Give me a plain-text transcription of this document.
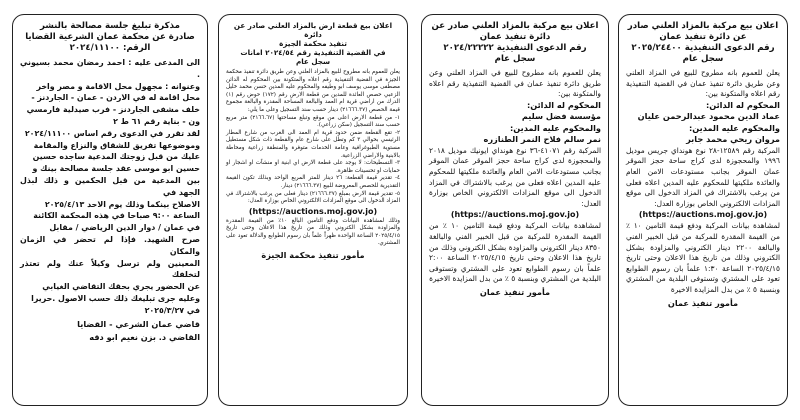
اعلان بيع مركبة بالمزاد العلني صادر
عن دائرة تنفيذ عمان
رقم الدعوى التنفيذية ٢٠٢٥/٢٤٤٠٠
سجل عام

يعلن للعموم بانه مطروح للبيع في المزاد العلني وعن طريق دائرة تنفيذ عمان في القضية التنفيذية رقم اعلاه والمتكونة بين:

المحكوم له الدائن:

عماد الدين محمود عبدالرحمن عليان

والمحكوم عليه المدين:

مروان ريحي محمد جابر

المركبة رقم ١٢٥٨٩-٢٨ نوع هونداي جريس موديل ١٩٩٦ والمحجوزة لدى كراج ساحة حجز الموقر عمان الموقر بجانب مستودعات الامن العام والعائدة ملكيتها للمحكوم عليه المدين اعلاه فعلى من يرغب بالاشتراك في المزاد الدخول الى موقع المزادات الالكتروني الخاص بوزارة العدل:

(https://auctions.moj.gov.jo)

لمشاهدة بيانات المركبة ودفع قيمة التامين ١٠ ٪ من القيمة المقدرة للمركبة من قبل الخبير الفني والبالغة ٢٢٠٠ دينار الكتروني والمزاودة بشكل الكتروني وذلك من تاريخ هذا الاعلان وحتى تاريخ ٢٠٢٥/٤/١٥ الساعة ١:٣٠ علماً بان رسوم الطوابع تعود على المشتري وتستوفى البلدية من المشتري وبنسبة ٥ ٪ من بدل المزايدة الاخيرة

مأمور تنفيذ عمان
اعلان بيع مركبة بالمزاد العلني صادر عن
دائرة تنفيذ عمان
رقم الدعوى التنفيذية ٢٠٢٤/٢٢٢٢٢
سجل عام

يعلن للعموم بانه مطروح للبيع في المزاد العلني وعن طريق دائرة تنفيذ عمان في القضية التنفيذية رقم اعلاه والمتكونة بين:

المحكوم له الدائن:

مؤسسة فضل سليم

والمحكوم عليه المدين:

نمر سالم فلاح النمر الطنازره

المركبة رقم ٤١٠٧١-٣٦ نوع هونداي ايونيك موديل ٢٠١٨ والمحجوزة لدى كراج ساحة حجز الموقر عمان الموقر بجانب مستودعات الامن العام والعائدة ملكيتها للمحكوم عليه المدين اعلاه فعلى من يرغب بالاشتراك في المزاد الدخول الى موقع المزادات الالكتروني الخاص بوزارة العدل:

(https://auctions.moj.gov.jo)

لمشاهدة بيانات المركبة ودفع قيمة التامين ١٠ ٪ من القيمة المقدرة للمركبة من قبل الخبير الفني والبالغة ٨٣٥٠ دينار الكتروني والمزاودة بشكل الكتروني وذلك من تاريخ هذا الاعلان وحتى تاريخ ٢٠٢٥/٤/١٥ الساعة ٢:٠٠ علماً بان رسوم الطوابع تعود على المشتري وتستوفى البلدية من المشتري وبنسبة ٥ ٪ من بدل المزايدة الاخيرة

مأمور تنفيذ عمان
اعلان بيع قطعة ارض بالمزاد العلني صادر عن دائرة
تنفيذ محكمة الجيزة
في القضية التنفيذية رقم ٢٠٢٤/٥٤ امانات
سجل عام

يعلن للعموم بانه مطروح للبيع بالمزاد العلني وعن طريق دائرة تنفيذ محكمة الجيزة في القضية التنفيذية رقم اعلاه والمتكونة بين المحكوم له الدائن مصطفى موسى يوسف ابو وطيفه والمحكوم عليه المدين حسن محمد خليل الزعبي حصص العائدة للمدين من قطعة الارض رقم (١٧٢) حوض رقم (١) الدرك من اراضي قرية ام العمد والبالغة المساحة المقدرة والبالغة مجموع قيمة الحصص (٢١٦٦٦.٣٧) دينار حسب سند التسجيل وعلى ما يلي:

١- من قطعة الارض اعلى من موقع وتبلغ مساحتها (٢١٦٦.٦٧) متر مربع حسب سند التسجيل (سكن زراعي).

٢- تقع القطعة ضمن حدود قرية ام العمد الى الغرب من شارع المطار الرئيسي بحوالي ٣ كم وتطل على شارع عام والقطعة ذات شكل مستطيل مستوية الطبوغرافية وعامة الخدمات متوفرة والمنطقة زراعية ومحاطة بالابنية والاراضي الزراعية.

٣- التسطيحات: لا يوجد على قطعة الارض اي ابنية او منشآت او اشجار او حمايات او تحسينات ظاهرة.

٤- تقدير قيمة القطعة: ٢٦ دينار للمتر المربع الواحد وبذلك تكون القيمة التقديرية للحصص المعروضة للبيع (٢١٦٦٦.٣٧) دينار.

٥- تقدير قيمة الارض بمبلغ (٢١٦٦٦.٣٧) دينار فعلى من يرغب بالاشتراك في المزاد الدخول الى موقع المزادات الالكتروني الخاص بوزارة العدل:

(https://auctions.moj.gov.jo)

وذلك لمشاهدة البيانات ودفع التامين البالغ ١٠٪ من القيمة المقدرة والمزاودة بشكل الكتروني وذلك من تاريخ هذا الاعلان وحتى تاريخ ٢٠٢٥/٤/١٥ الساعة الواحدة ظهراً علماً بان رسوم الطوابع والدلالة تعود على المشتري.

مأمور تنفيذ محكمة الجيزة
مذكرة تبليغ جلسة مصالحة بالنشر
صادرة عن محكمة عمان الشرعية القضايا
الرقم: ٢٠٢٤/١١١٠٠

الى المدعى عليه : احمد رمضان محمد بسيوني .

وعنوانه : مجهول محل الاقامة و مصر واخر

محل اقامة له في الاردن - عمان - الجاردنز -

خلف مشفى الجاردنز - فرب صيدلية فارمسي

ون - بناية رقم ٦١ ط ٢

لقد تقرر في الدعوى رقم اساس ٢٠٢٤/١١١٠٠

وموضوعها تفريق للشقاق والنزاع والمقامة

عليك من قبل زوجتك المدعية ساجده حسين

حسين ابو موسى عقد جلسة مصالحة بينك و

بين المدعية من قبل الحكمين و ذلك لبذل الجهد في

الاصلاح بينكما وذلك يوم الاحد ٢٠٢٥/٤/١٣

الساعة ٩:٠٠ صباحا في هذه المحكمة الكائنة

في عمان / دوار الدين الرياضي / مقابل

صرح الشهيد. فإذا لم تحضر في الزمان والمكان

المعينين ولم ترسل وكيلاً عنك ولم تعتذر لتخلفك

عن الحضور يجري بحقك التقاضي الغيابي

وعليه جرى تبليغك ذلك حسب الاصول .حريرا

في ٢٠٢٥/٣/٢٧

قاضي عمان الشرعي - القضايا
القاضي د. بزن نعيم ابو دقه
